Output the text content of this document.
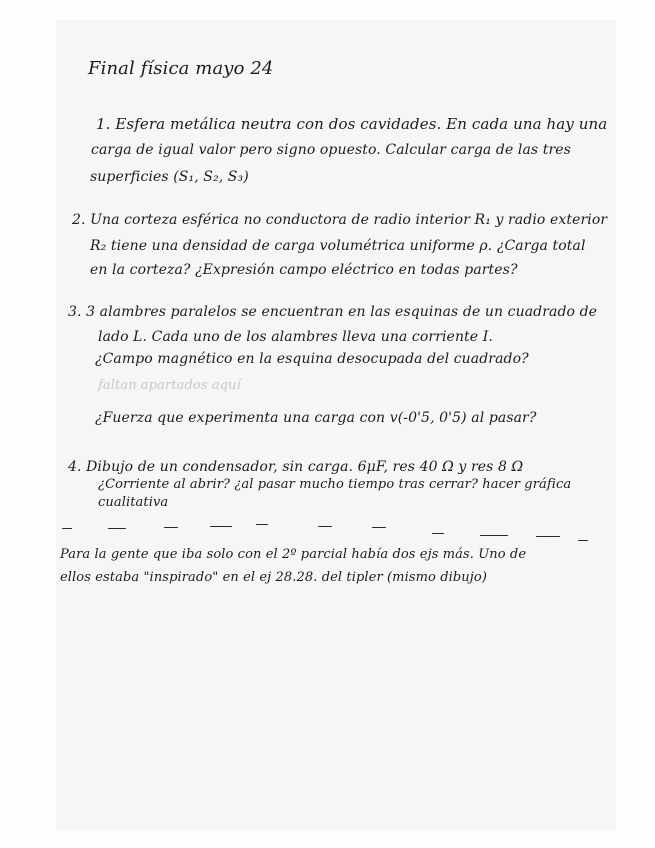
Final física mayo 24
1. Esfera metálica neutra con dos cavidades. En cada una hay una
carga de igual valor pero signo opuesto. Calcular carga de las tres
superficies (S₁, S₂, S₃)
2. Una corteza esférica no conductora de radio interior R₁ y radio exterior
R₂ tiene una densidad de carga volumétrica uniforme ρ. ¿Carga total
en la corteza? ¿Expresión campo eléctrico en todas partes?
3. 3 alambres paralelos se encuentran en las esquinas de un cuadrado de
lado L. Cada uno de los alambres lleva una corriente I.
¿Campo magnético en la esquina desocupada del cuadrado?
faltan apartados aquí
¿Fuerza que experimenta una carga con v(-0'5, 0'5) al pasar?
4. Dibujo de un condensador, sin carga. 6μF, res 40 Ω y res 8 Ω
¿Corriente al abrir? ¿al pasar mucho tiempo tras cerrar? hacer gráfica
cualitativa
Para la gente que iba solo con el 2º parcial había dos ejs más. Uno de
ellos estaba "inspirado" en el ej 28.28. del tipler (mismo dibujo)
